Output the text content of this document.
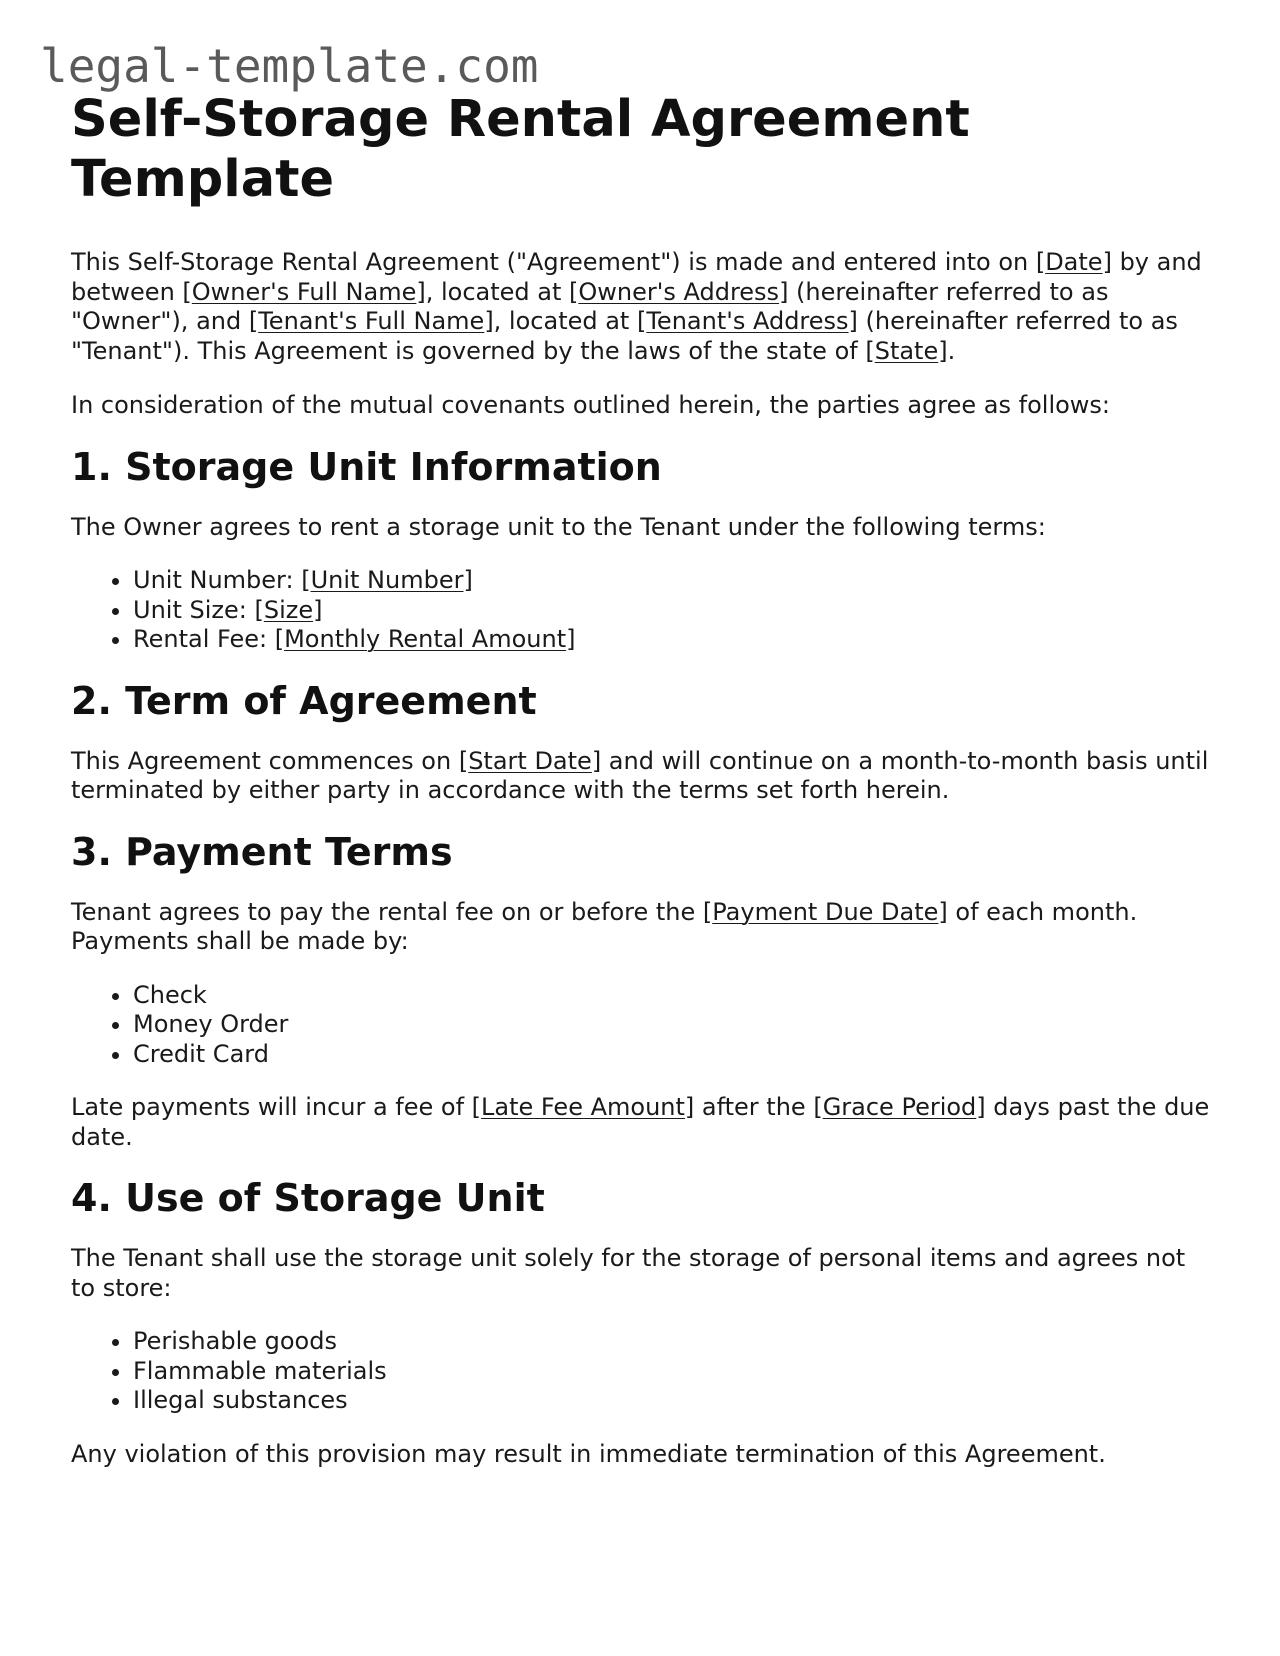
legal-template.com
Self-Storage Rental Agreement Template

This Self-Storage Rental Agreement ("Agreement") is made and entered into on [Date] by and between [Owner's Full Name], located at [Owner's Address] (hereinafter referred to as "Owner"), and [Tenant's Full Name], located at [Tenant's Address] (hereinafter referred to as "Tenant"). This Agreement is governed by the laws of the state of [State].

In consideration of the mutual covenants outlined herein, the parties agree as follows:

1. Storage Unit Information

The Owner agrees to rent a storage unit to the Tenant under the following terms:

• Unit Number: [Unit Number]
• Unit Size: [Size]
• Rental Fee: [Monthly Rental Amount]
2. Term of Agreement

This Agreement commences on [Start Date] and will continue on a month-to-month basis until terminated by either party in accordance with the terms set forth herein.

3. Payment Terms

Tenant agrees to pay the rental fee on or before the [Payment Due Date] of each month. Payments shall be made by:

• Check
• Money Order
• Credit Card

Late payments will incur a fee of [Late Fee Amount] after the [Grace Period] days past the due date.

4. Use of Storage Unit

The Tenant shall use the storage unit solely for the storage of personal items and agrees not to store:

• Perishable goods
• Flammable materials
• Illegal substances

Any violation of this provision may result in immediate termination of this Agreement.
